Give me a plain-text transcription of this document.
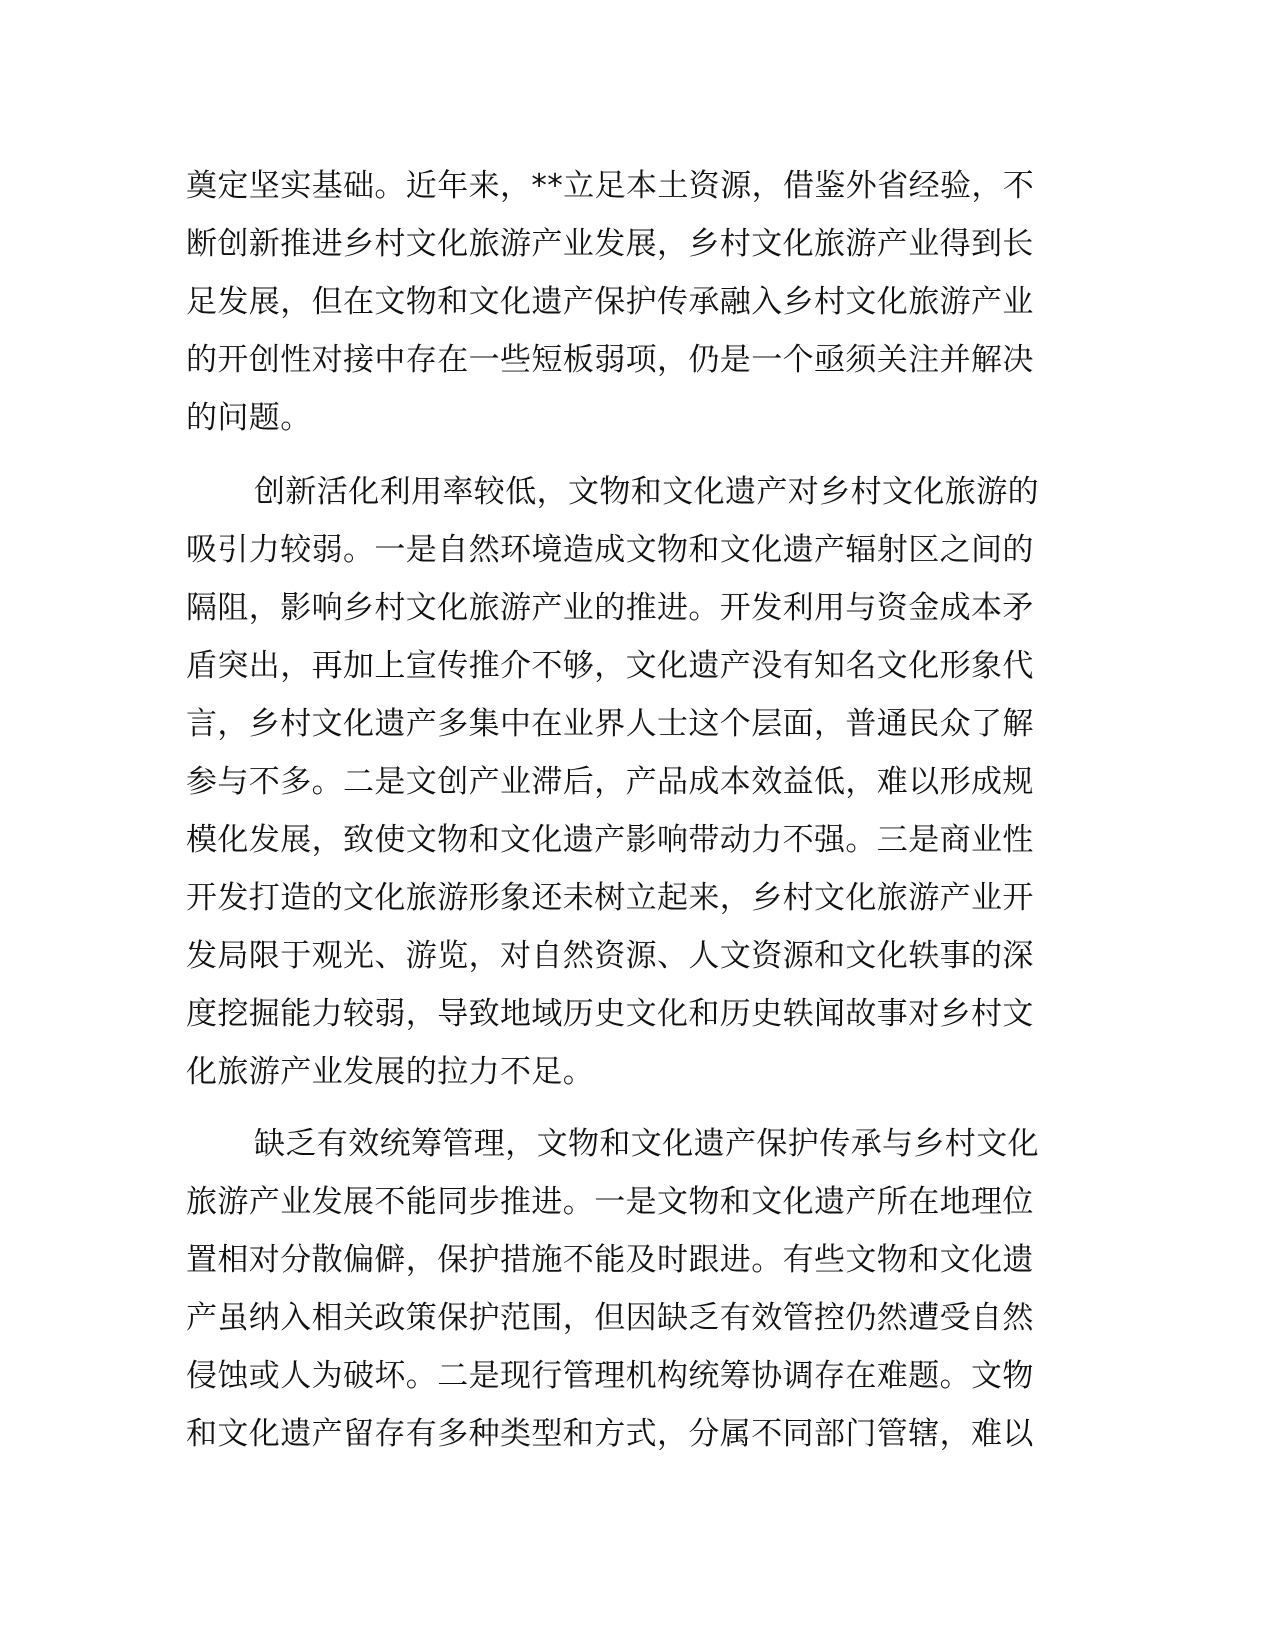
奠定坚实基础。近年来，**立足本土资源，借鉴外省经验，不
断创新推进乡村文化旅游产业发展，乡村文化旅游产业得到长
足发展，但在文物和文化遗产保护传承融入乡村文化旅游产业
的开创性对接中存在一些短板弱项，仍是一个亟须关注并解决
的问题。
创新活化利用率较低，文物和文化遗产对乡村文化旅游的
吸引力较弱。一是自然环境造成文物和文化遗产辐射区之间的
隔阻，影响乡村文化旅游产业的推进。开发利用与资金成本矛
盾突出，再加上宣传推介不够，文化遗产没有知名文化形象代
言，乡村文化遗产多集中在业界人士这个层面，普通民众了解
参与不多。二是文创产业滞后，产品成本效益低，难以形成规
模化发展，致使文物和文化遗产影响带动力不强。三是商业性
开发打造的文化旅游形象还未树立起来，乡村文化旅游产业开
发局限于观光、游览，对自然资源、人文资源和文化轶事的深
度挖掘能力较弱，导致地域历史文化和历史轶闻故事对乡村文
化旅游产业发展的拉力不足。
缺乏有效统筹管理，文物和文化遗产保护传承与乡村文化
旅游产业发展不能同步推进。一是文物和文化遗产所在地理位
置相对分散偏僻，保护措施不能及时跟进。有些文物和文化遗
产虽纳入相关政策保护范围，但因缺乏有效管控仍然遭受自然
侵蚀或人为破坏。二是现行管理机构统筹协调存在难题。文物
和文化遗产留存有多种类型和方式，分属不同部门管辖，难以
